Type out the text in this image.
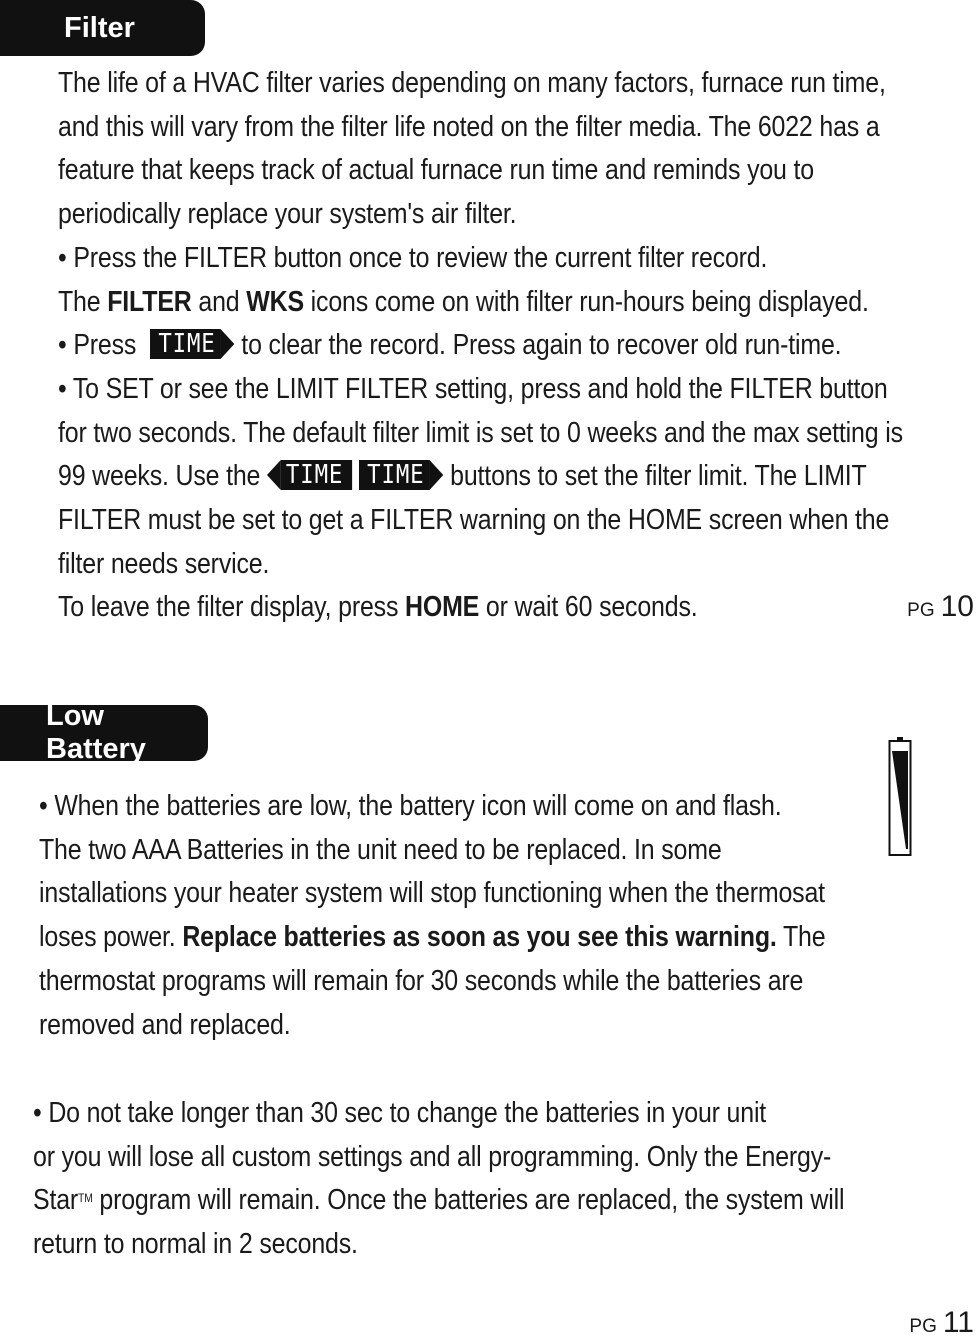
Filter

The life of a HVAC filter varies depending on many factors, furnace run time,

and this will vary from the filter life noted on the filter media. The 6022 has a

feature that keeps track of actual furnace run time and reminds you to

periodically replace your system's air filter.

• Press the FILTER button once to review the current filter record.

The FILTER and WKS icons come on with filter run-hours being displayed.

• Press TIME to clear the record. Press again to recover old run-time.

• To SET or see the LIMIT FILTER setting, press and hold the FILTER button

for two seconds. The default filter limit is set to 0 weeks and the max setting is

99 weeks. Use the TIME TIME buttons to set the filter limit. The LIMIT

FILTER must be set to get a FILTER warning on the HOME screen when the

filter needs service.

To leave the filter display, press HOME or wait 60 seconds.	PG 10
Low Battery

• When the batteries are low, the battery icon will come on and flash.

The two AAA Batteries in the unit need to be replaced. In some

installations your heater system will stop functioning when the thermosat

loses power. Replace batteries as soon as you see this warning. The

thermostat programs will remain for 30 seconds while the batteries are

removed and replaced.

• Do not take longer than 30 sec to change the batteries in your unit

or you will lose all custom settings and all programming. Only the Energy-

Star™ program will remain. Once the batteries are replaced, the system will

return to normal in 2 seconds.

PG 11
